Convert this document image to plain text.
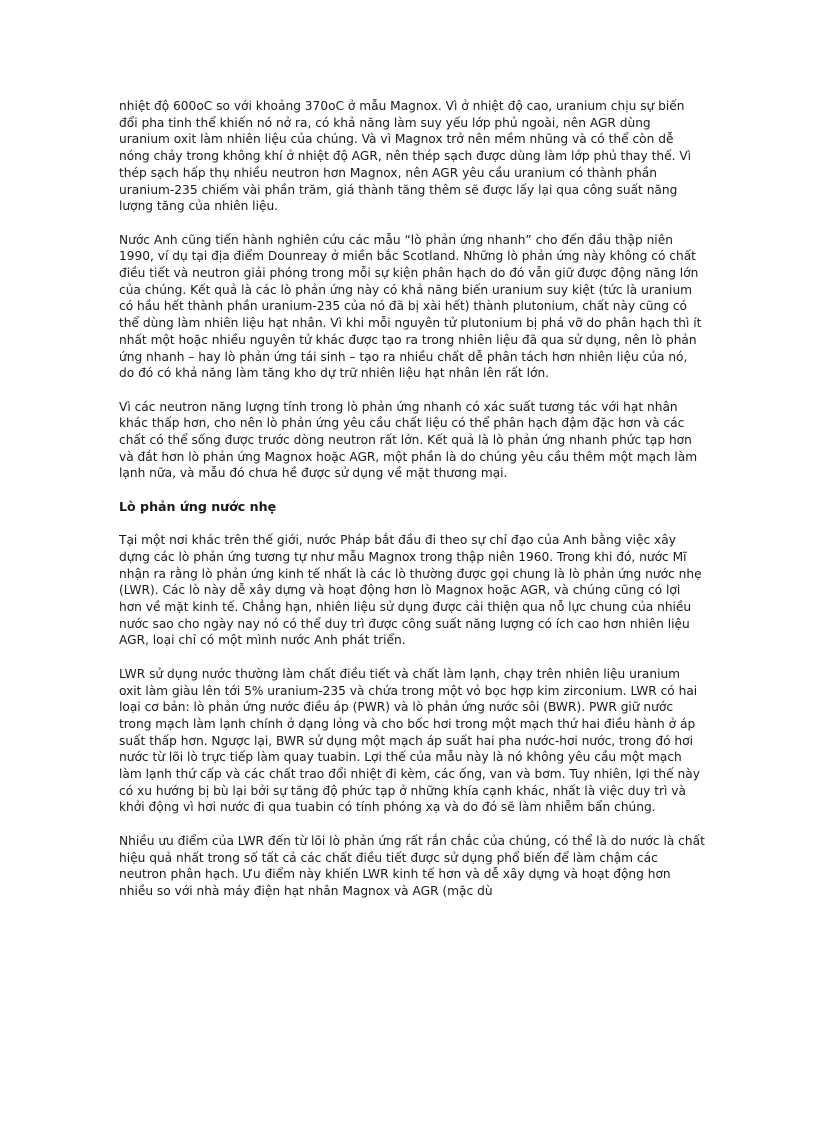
nhiệt độ 600oC so với khoảng 370oC ở mẫu Magnox. Vì ở nhiệt độ cao, uranium chịu sự biến đổi pha tinh thể khiến nó nở ra, có khả năng làm suy yếu lớp phủ ngoài, nên AGR dùng uranium oxit làm nhiên liệu của chúng. Và vì Magnox trở nên mềm nhũng và có thể còn dễ nóng chảy trong không khí ở nhiệt độ AGR, nên thép sạch được dùng làm lớp phủ thay thế. Vì thép sạch hấp thụ nhiều neutron hơn Magnox, nên AGR yêu cầu uranium có thành phần uranium-235 chiếm vài phần trăm, giá thành tăng thêm sẽ được lấy lại qua công suất năng lượng tăng của nhiên liệu.

Nước Anh cũng tiến hành nghiên cứu các mẫu “lò phản ứng nhanh” cho đến đầu thập niên 1990, ví dụ tại địa điểm Dounreay ở miền bắc Scotland. Những lò phản ứng này không có chất điều tiết và neutron giải phóng trong mỗi sự kiện phân hạch do đó vẫn giữ được động năng lớn của chúng. Kết quả là các lò phản ứng này có khả năng biến uranium suy kiệt (tức là uranium có hầu hết thành phần uranium-235 của nó đã bị xài hết) thành plutonium, chất này cũng có thể dùng làm nhiên liệu hạt nhân. Vì khi mỗi nguyên tử plutonium bị phá vỡ do phân hạch thì ít nhất một hoặc nhiều nguyên tử khác được tạo ra trong nhiên liệu đã qua sử dụng, nên lò phản ứng nhanh – hay lò phản ứng tái sinh – tạo ra nhiều chất dễ phân tách hơn nhiên liệu của nó, do đó có khả năng làm tăng kho dự trữ nhiên liệu hạt nhân lên rất lớn.

Vì các neutron năng lượng tính trong lò phản ứng nhanh có xác suất tương tác với hạt nhân khác thấp hơn, cho nên lò phản ứng yêu cầu chất liệu có thể phân hạch đậm đặc hơn và các chất có thể sống được trước dòng neutron rất lớn. Kết quả là lò phản ứng nhanh phức tạp hơn và đắt hơn lò phản ứng Magnox hoặc AGR, một phần là do chúng yêu cầu thêm một mạch làm lạnh nữa, và mẫu đó chưa hề được sử dụng về mặt thương mại.

Lò phản ứng nước nhẹ

Tại một nơi khác trên thế giới, nước Pháp bắt đầu đi theo sự chỉ đạo của Anh bằng việc xây dựng các lò phản ứng tương tự như mẫu Magnox trong thập niên 1960. Trong khi đó, nước Mĩ nhận ra rằng lò phản ứng kinh tế nhất là các lò thường được gọi chung là lò phản ứng nước nhẹ (LWR). Các lò này dễ xây dựng và hoạt động hơn lò Magnox hoặc AGR, và chúng cũng có lợi hơn về mặt kinh tế. Chẳng hạn, nhiên liệu sử dụng được cải thiện qua nỗ lực chung của nhiều nước sao cho ngày nay nó có thể duy trì được công suất năng lượng có ích cao hơn nhiên liệu AGR, loại chỉ có một mình nước Anh phát triển.

LWR sử dụng nước thường làm chất điều tiết và chất làm lạnh, chạy trên nhiên liệu uranium oxit làm giàu lên tới 5% uranium-235 và chứa trong một vỏ bọc hợp kim zirconium. LWR có hai loại cơ bản: lò phản ứng nước điều áp (PWR) và lò phản ứng nước sôi (BWR). PWR giữ nước trong mạch làm lạnh chính ở dạng lỏng và cho bốc hơi trong một mạch thứ hai điều hành ở áp suất thấp hơn. Ngược lại, BWR sử dụng một mạch áp suất hai pha nước-hơi nước, trong đó hơi nước từ lõi lò trực tiếp làm quay tuabin. Lợi thế của mẫu này là nó không yêu cầu một mạch làm lạnh thứ cấp và các chất trao đổi nhiệt đi kèm, các ống, van và bơm. Tuy nhiên, lợi thế này có xu hướng bị bù lại bởi sự tăng độ phức tạp ở những khía cạnh khác, nhất là việc duy trì và khởi động vì hơi nước đi qua tuabin có tính phóng xạ và do đó sẽ làm nhiễm bẩn chúng.

Nhiều ưu điểm của LWR đến từ lõi lò phản ứng rất rắn chắc của chúng, có thể là do nước là chất hiệu quả nhất trong số tất cả các chất điều tiết được sử dụng phổ biến để làm chậm các neutron phân hạch. Ưu điểm này khiến LWR kinh tế hơn và dễ xây dựng và hoạt động hơn nhiều so với nhà máy điện hạt nhân Magnox và AGR (mặc dù
